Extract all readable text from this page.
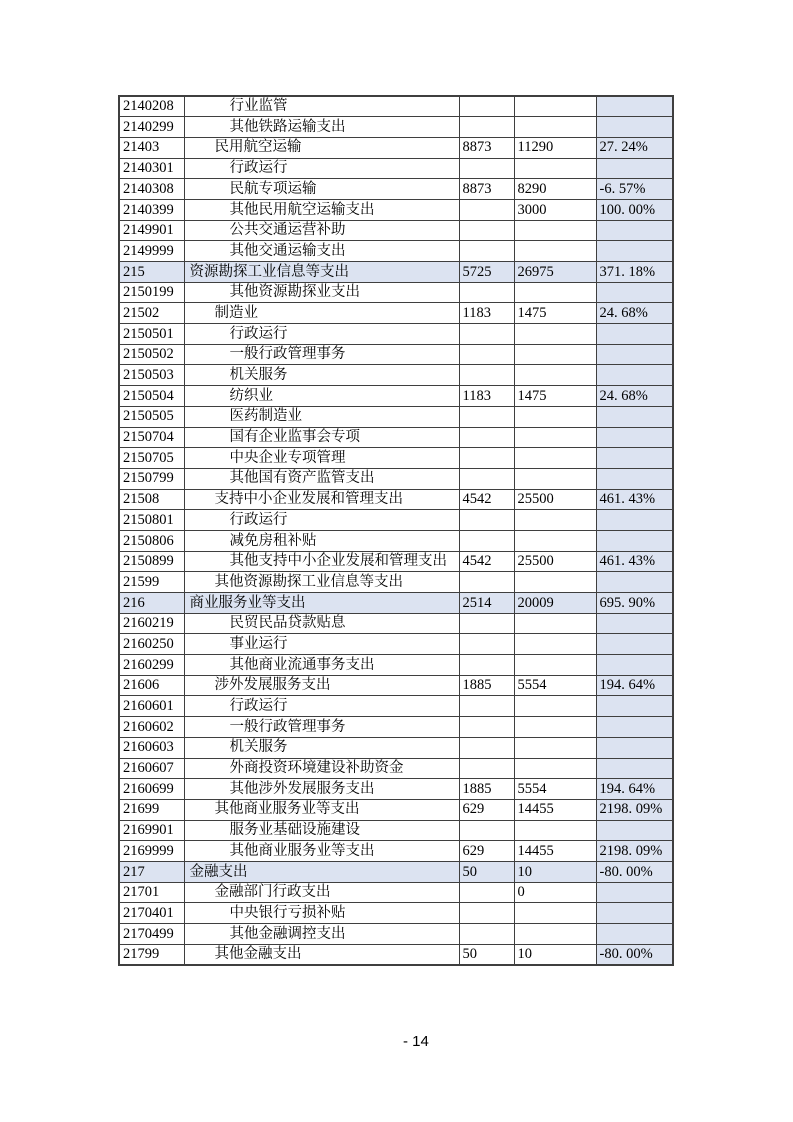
2140208	行业监管			
2140299	其他铁路运输支出			
21403	民用航空运输	8873	11290	27. 24%
2140301	行政运行			
2140308	民航专项运输	8873	8290	-6. 57%
2140399	其他民用航空运输支出		3000	100. 00%
2149901	公共交通运营补助			
2149999	其他交通运输支出			
215	资源勘探工业信息等支出	5725	26975	371. 18%
2150199	其他资源勘探业支出			
21502	制造业	1183	1475	24. 68%
2150501	行政运行			
2150502	一般行政管理事务			
2150503	机关服务			
2150504	纺织业	1183	1475	24. 68%
2150505	医药制造业			
2150704	国有企业监事会专项			
2150705	中央企业专项管理			
2150799	其他国有资产监管支出			
21508	支持中小企业发展和管理支出	4542	25500	461. 43%
2150801	行政运行			
2150806	减免房租补贴			
2150899	其他支持中小企业发展和管理支出	4542	25500	461. 43%
21599	其他资源勘探工业信息等支出			
216	商业服务业等支出	2514	20009	695. 90%
2160219	民贸民品贷款贴息			
2160250	事业运行			
2160299	其他商业流通事务支出			
21606	涉外发展服务支出	1885	5554	194. 64%
2160601	行政运行			
2160602	一般行政管理事务			
2160603	机关服务			
2160607	外商投资环境建设补助资金			
2160699	其他涉外发展服务支出	1885	5554	194. 64%
21699	其他商业服务业等支出	629	14455	2198. 09%
2169901	服务业基础设施建设			
2169999	其他商业服务业等支出	629	14455	2198. 09%
217	金融支出	50	10	-80. 00%
21701	金融部门行政支出		0	
2170401	中央银行亏损补贴			
2170499	其他金融调控支出			
21799	其他金融支出	50	10	-80. 00%
- 14
